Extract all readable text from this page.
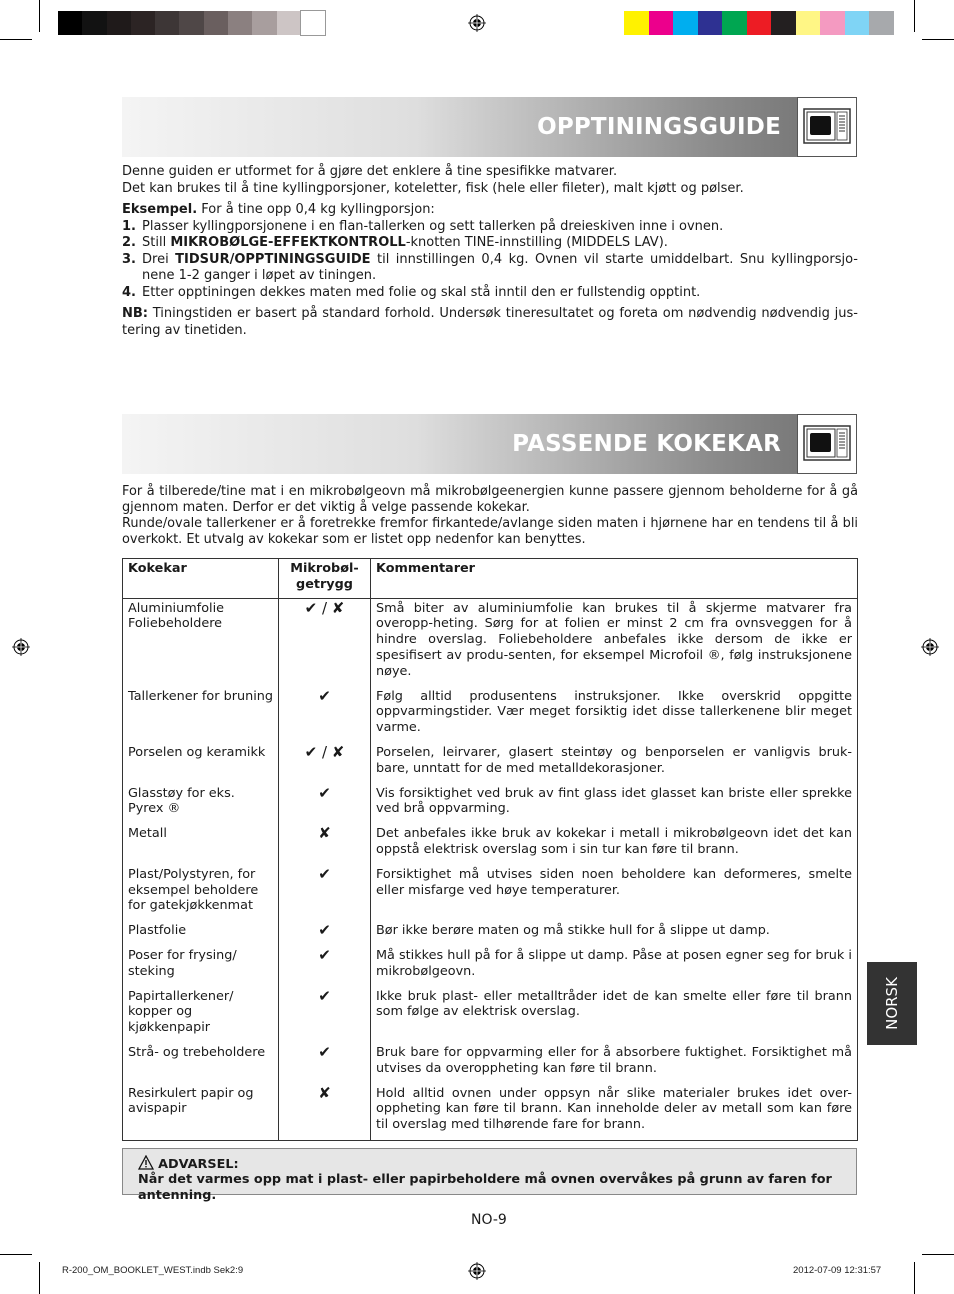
OPPTININGSGUIDE

Denne guiden er utformet for å gjøre det enklere å tine spesifikke matvarer.

Det kan brukes til å tine kyllingporsjoner, koteletter, fisk (hele eller fileter), malt kjøtt og pølser.

Eksempel. For å tine opp 0,4 kg kyllingporsjon:

1. Plasser kyllingporsjonene i en flan-tallerken og sett tallerken på dreieskiven inne i ovnen.

2. Still MIKROBØLGE-EFFEKTKONTROLL-knotten TINE-innstilling (MIDDELS LAV).

3. Drei TIDSUR/OPPTININGSGUIDE til innstillingen 0,4 kg. Ovnen vil starte umiddelbart. Snu kyllingporsjo-nene 1-2 ganger i løpet av tiningen.

4. Etter opptiningen dekkes maten med folie og skal stå inntil den er fullstendig opptint.

NB: Tiningstiden er basert på standard forhold. Undersøk tineresultatet og foreta om nødvendig nødvendig jus-tering av tinetiden.

PASSENDE KOKEKAR

For å tilberede/tine mat i en mikrobølgeovn må mikrobølgeenergien kunne passere gjennom beholderne for å gå gjennom maten. Derfor er det viktig å velge passende kokekar.

Runde/ovale tallerkener er å foretrekke fremfor firkantede/avlange siden maten i hjørnene har en tendens til å bli overkokt. Et utvalg av kokekar som er listet opp nedenfor kan benyttes.

Kokekar	Mikrobøl-getrygg	Kommentarer
Aluminiumfolie Foliebeholdere	✔ / ✘	Små biter av aluminiumfolie kan brukes til å skjerme matvarer fra overopp-heting. Sørg for at folien er minst 2 cm fra ovnsveggen for å hindre overslag. Foliebeholdere anbefales ikke dersom de ikke er spesifisert av produ-senten, for eksempel Microfoil ®, følg instruksjonene nøye.
Tallerkener for bruning	✔	Følg alltid produsentens instruksjoner. Ikke overskrid oppgitte oppvarmingstider. Vær meget forsiktig idet disse tallerkenene blir meget varme.
Porselen og keramikk	✔ / ✘	Porselen, leirvarer, glasert steintøy og benporselen er vanligvis bruk-bare, unntatt for de med metalldekorasjoner.
Glasstøy for eks. Pyrex ®	✔	Vis forsiktighet ved bruk av fint glass idet glasset kan briste eller sprekke ved brå oppvarming.
Metall	✘	Det anbefales ikke bruk av kokekar i metall i mikrobølgeovn idet det kan oppstå elektrisk overslag som i sin tur kan føre til brann.
Plast/Polystyren, for eksempel beholdere for gatekjøkkenmat	✔	Forsiktighet må utvises siden noen beholdere kan deformeres, smelte eller misfarge ved høye temperaturer.
Plastfolie	✔	Bør ikke berøre maten og må stikke hull for å slippe ut damp.
Poser for frysing/ steking	✔	Må stikkes hull på for å slippe ut damp. Påse at posen egner seg for bruk i mikrobølgeovn.
Papirtallerkener/ kopper og kjøkkenpapir	✔	Ikke bruk plast- eller metalltråder idet de kan smelte eller føre til brann som følge av elektrisk overslag.
Strå- og trebeholdere	✔	Bruk bare for oppvarming eller for å absorbere fuktighet. Forsiktighet må utvises da overoppheting kan føre til brann.
Resirkulert papir og avispapir	✘	Hold alltid ovnen under oppsyn når slike materialer brukes idet over-oppheting kan føre til brann. Kan inneholde deler av metall som kan føre til overslag med tilhørende fare for brann.
ADVARSEL:
Når det varmes opp mat i plast- eller papirbeholdere må ovnen overvåkes på grunn av faren for antenning.
NORSK
NO-9
R-200_OM_BOOKLET_WEST.indb Sek2:9	2012-07-09 12:31:57
